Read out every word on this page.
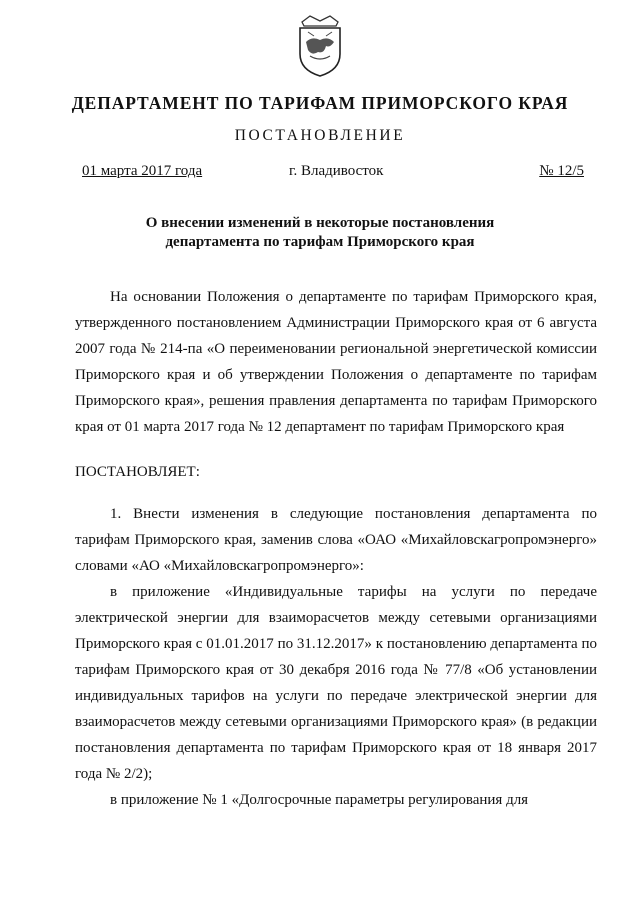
ДЕПАРТАМЕНТ ПО ТАРИФАМ ПРИМОРСКОГО КРАЯ
ПОСТАНОВЛЕНИЕ
01 марта 2017 года	г. Владивосток	№ 12/5
О внесении изменений в некоторые постановления
департамента по тарифам Приморского края

На основании Положения о департаменте по тарифам Приморского края, утвержденного постановлением Администрации Приморского края от 6 августа 2007 года № 214-па «О переименовании региональной энергетической комиссии Приморского края и об утверждении Положения о департаменте по тарифам Приморского края», решения правления департамента по тарифам Приморского края от 01 марта 2017 года № 12 департамент по тарифам Приморского края

ПОСТАНОВЛЯЕТ:

1. Внести изменения в следующие постановления департамента по тарифам Приморского края, заменив слова «ОАО «Михайловскагропромэнерго» словами «АО «Михайловскагропромэнерго»:

в приложение «Индивидуальные тарифы на услуги по передаче электрической энергии для взаиморасчетов между сетевыми организациями Приморского края с 01.01.2017 по 31.12.2017» к постановлению департамента по тарифам Приморского края от 30 декабря 2016 года № 77/8 «Об установлении индивидуальных тарифов на услуги по передаче электрической энергии для взаиморасчетов между сетевыми организациями Приморского края» (в редакции постановления департамента по тарифам Приморского края от 18 января 2017 года № 2/2);

в приложение № 1 «Долгосрочные параметры регулирования для
